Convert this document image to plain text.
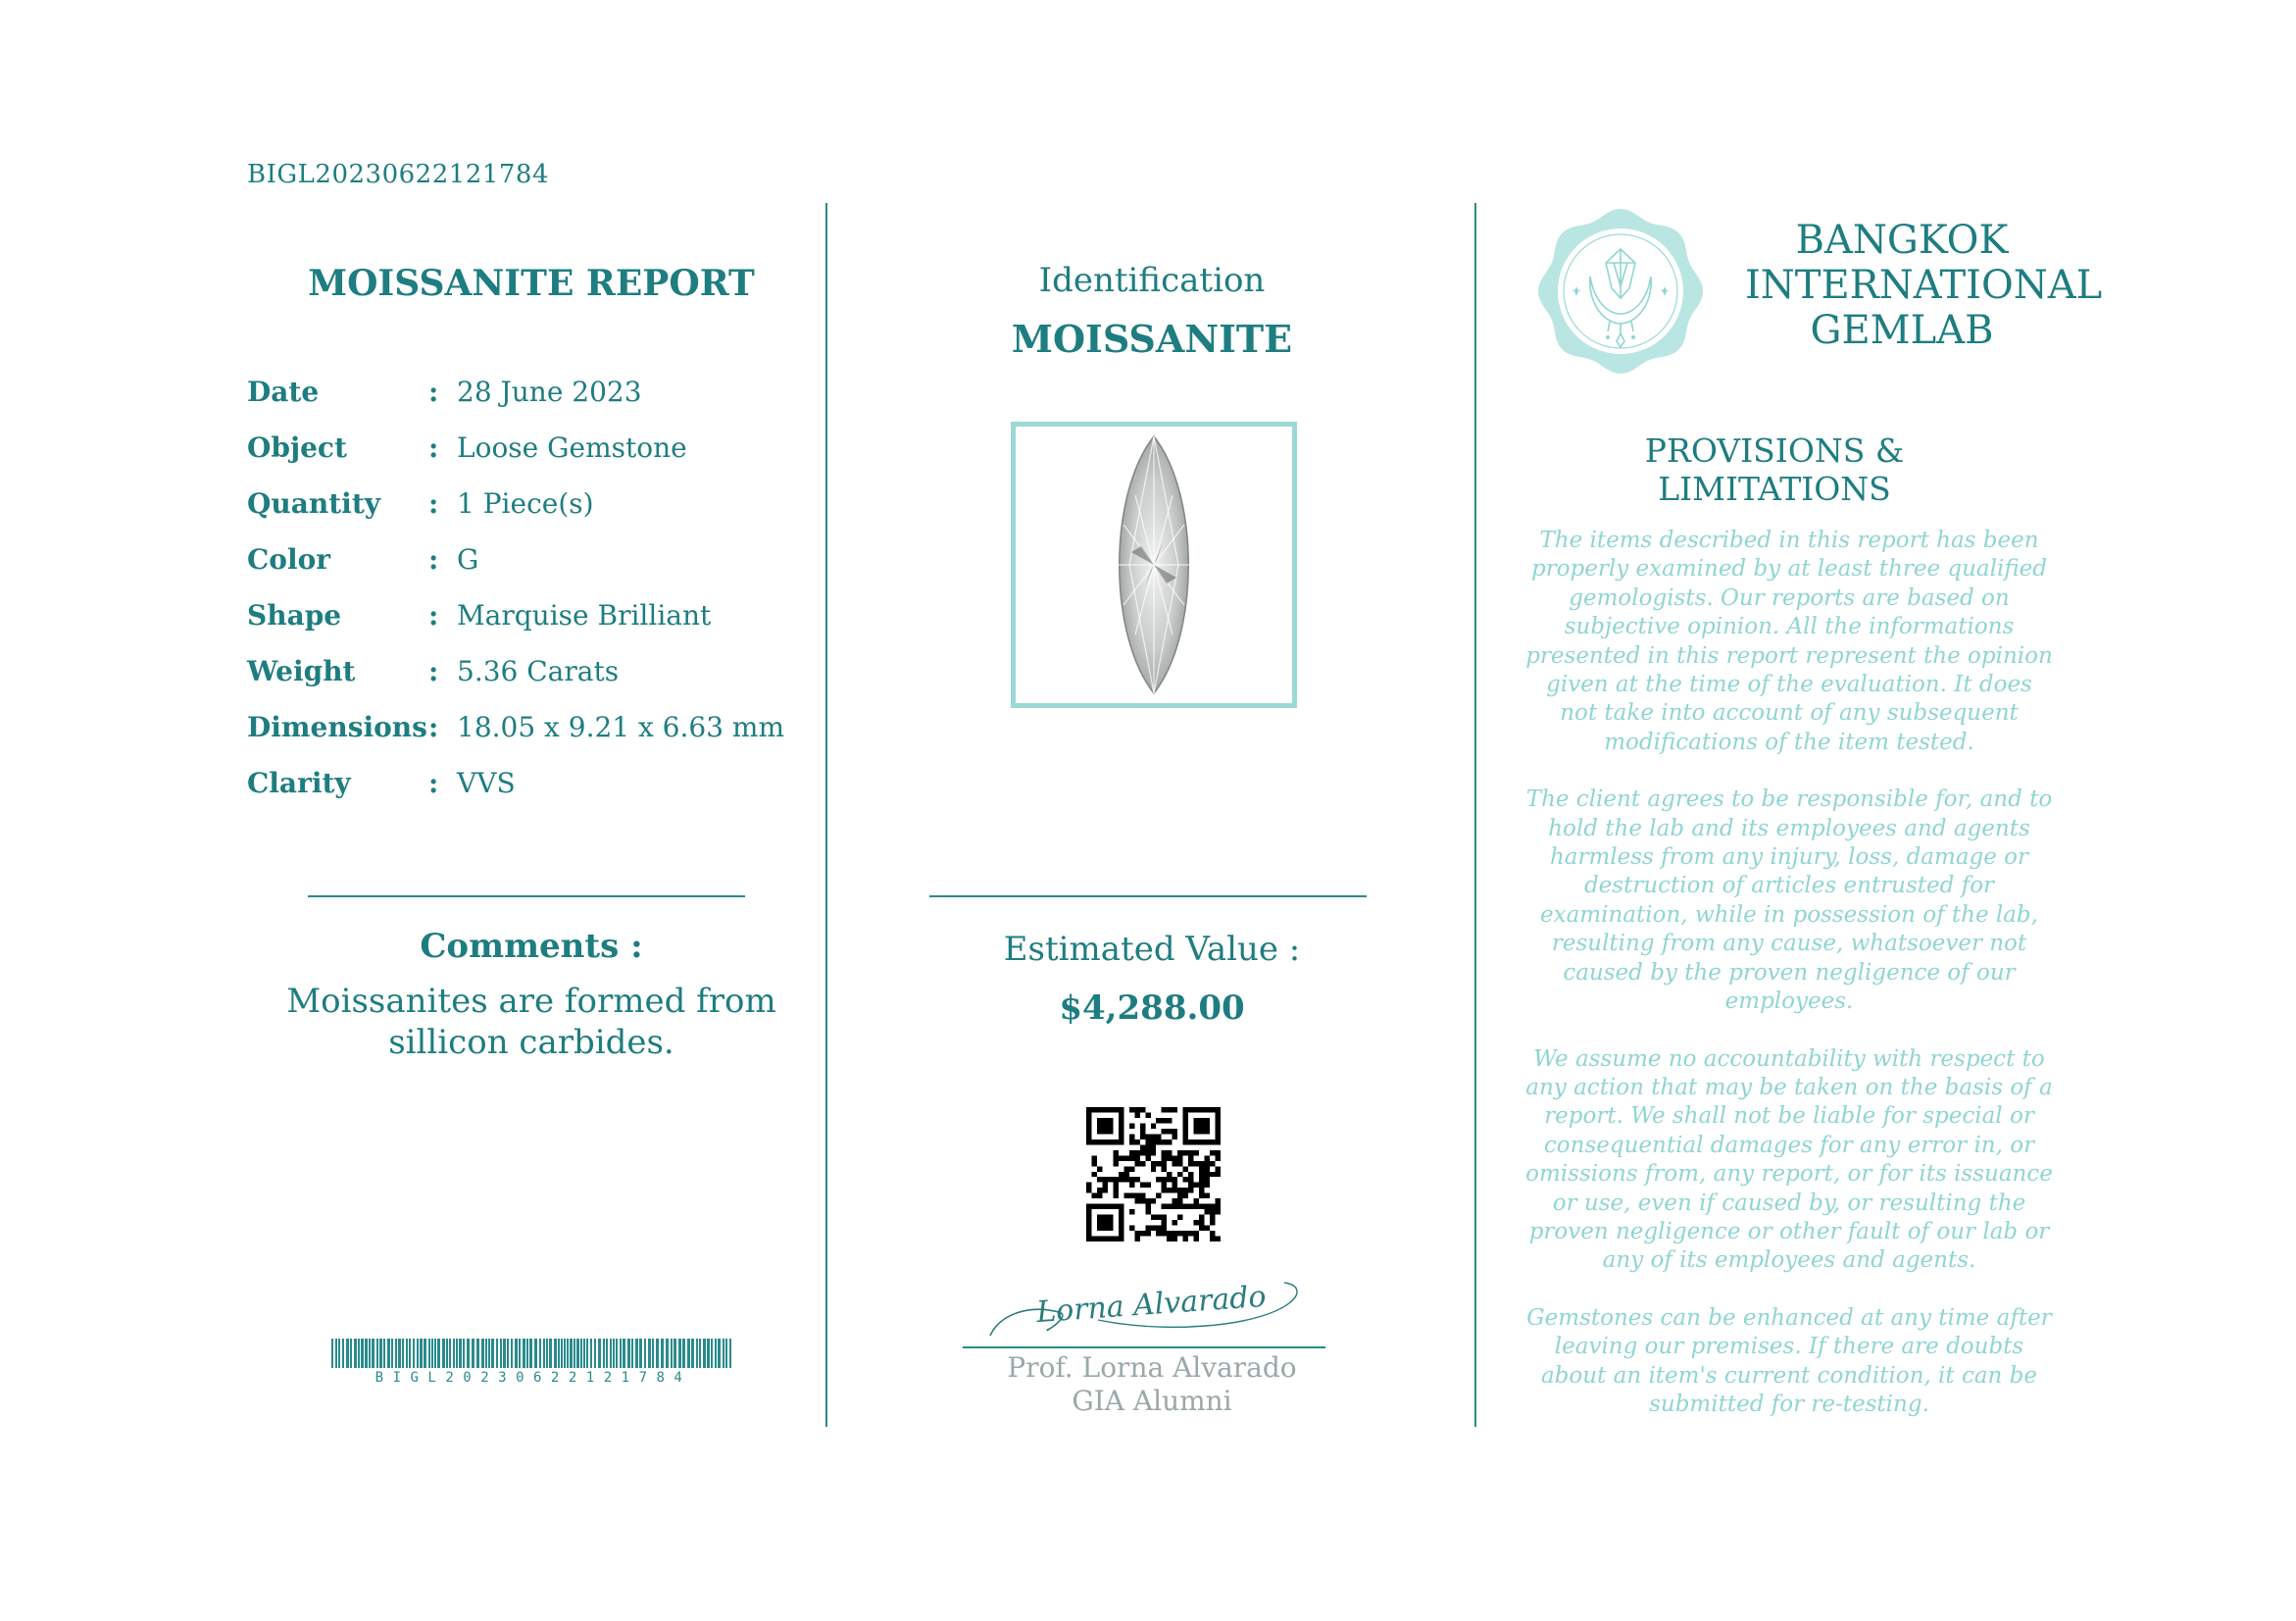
BIGL20230622121784
MOISSANITE REPORT
Date	: 28 June 2023
Object	: Loose Gemstone
Quantity : 1 Piece(s)
Color	: G
Shape	: Marquise Brilliant
Weight	: 5.36 Carats
Dimensions : 18.05 x 9.21 x 6.63 mm
Clarity	: VVS
Comments :
Moissanites are formed from sillicon carbides.
BIGL20230622121784
Identification
MOISSANITE
Estimated Value :
$4,288.00
Lorna Alvarado
Prof. Lorna Alvarado
GIA Alumni
BANGKOK
INTERNATIONAL
GEMLAB
PROVISIONS & LIMITATIONS

The items described in this report has been properly examined by at least three qualified gemologists. Our reports are based on subjective opinion. All the informations presented in this report represent the opinion given at the time of the evaluation. It does not take into account of any subsequent modifications of the item tested.

The client agrees to be responsible for, and to hold the lab and its employees and agents harmless from any injury, loss, damage or destruction of articles entrusted for examination, while in possession of the lab, resulting from any cause, whatsoever not caused by the proven negligence of our employees.

We assume no accountability with respect to any action that may be taken on the basis of a report. We shall not be liable for special or consequential damages for any error in, or omissions from, any report, or for its issuance or use, even if caused by, or resulting the proven negligence or other fault of our lab or any of its employees and agents.

Gemstones can be enhanced at any time after leaving our premises. If there are doubts about an item's current condition, it can be submitted for re-testing.
